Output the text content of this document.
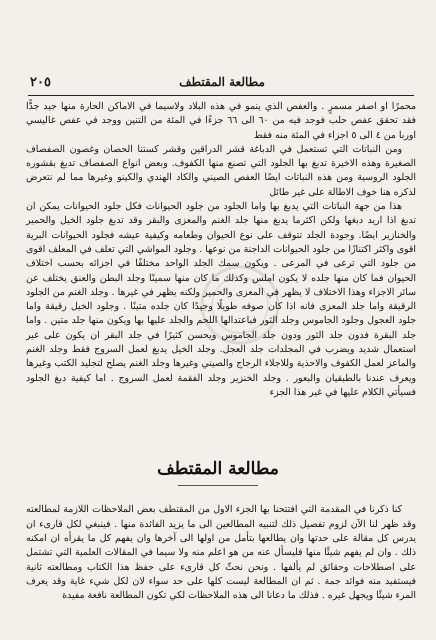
٢٠٥	مطالعة المقتطف

محمرًا او اصفر مسمرٍ . والعفص الذي ينمو في هذه البلاد ولاسيما في الاماكن الحارة منها جيد جدًّا فقد تحقق عفص حلب فوجد فيه من ٦٠ الى ٦٦ جزءًا في المئة من التنين ووجد في عفص غاليسي اوربا من ٤ الى ٥ اجزاء في المئة منه فقط

ومن النباتات التي تستعمل في الدباغة قشر الدراقين وقشر كستنا الحصان وغصون الصفصاف الصغيرة وهذه الاخيرة تدبغ بها الجلود التي تصنع منها الكفوف. وبعض انواع الصفصاف تدبغ بقشوره الجلود الروسية ومن هذه النباتات ايضًا العفص الصيني والكاد الهندي والكينو وغيرها مما لم نتعرض لذكره هنا خوف الاطالة على غير طائل

هذا من جهة النباتات التي يدبغ بها واما الجلود من جلود الحيوانات فكل جلود الحيوانات يمكن ان تدبغ اذا اريد دبغها ولكن اكثرما يدبغ منها جلد الغنم والمعزى والبقر وقد تدبغ جلود الخيل والحمير والخنازير ايضًا. وجودة الجلد تتوقف على نوع الحيوان وطعامه وكيفية عيشه فجلود الحيوانات البرية اقوى واكثر اكتنازًا من جلود الحيوانات الداجنة من نوعها . وجلود المواشي التي تعلف في المعلف اقوى من جلود التي ترعى في المرعى . ويكون سمك الجلد الواحد مختلفًا في اجزائه بحسب اختلاف الحيوان فما كان منها جلده لا يكون املس وكذلك ما كان منها سمينًا وجلد البطن والعنق يختلف عن سائر الاجزاء وهذا الاختلاف لا يظهر في المعزى والحمير ولكنه يظهر في غيرها . وجلد الغنم من الجلود الرقيقة واما جلد المعزى فانه اذا كان صوفه طويلًا وجيدًا كان جلده متينًا . وجلود الخيل رقيقة واما جلود العجول وجلود الجاموس وجلد الثور فباعتدالها اللحم والجلد عليها بها ويكون منها جلد متين . واما جلد البقرة فدون جلد الثور ودون جلد الجاموس ويحسن كثيرًا في جلد البقر ان يكون على غير استعمال شديد ويضرب في المجلدات جلد العجل. وجلد الخيل يدبغ لعمل السروج فقط وجلد الغنم والماعز لعمل الكفوف والاحذية وللاجلاء الرجاج والصيني وغيرها وجلد الغنم يصلح لتجليد الكتب وغيرها ويعرف عندنا بالطبقيان والبعور . وجلد الخنزير وجلد الفقمة لعمل السروج . اما كيفية دبغ الجلود فسيأتي الكلام عليها في غير هذا الجزء

مطالعة المقتطف

كنا ذكرنا في المقدمة التي افتتحنا بها الجزء الاول من المقتطف بعض الملاحظات اللازمة لمطالعته وقد ظهر لنا الآن لزوم تفصيل ذلك لتنبيه المطالعين الى ما يزيد الفائدة منها . فينبغي لكل قارىء ان يدرس كل مقالة على حدتها وان يطالعها بتأمل من اولها الى آخرها وان يفهم كل ما يقرأه ان امكنه ذلك . وان لم يفهم شيئًا منها فليسأل عنه من هو اعلم منه ولا سيما في المقالات العلمية التي تشتمل على اصطلاحات وحقائق لم يألفها . ونحن نحثّ كل قارىء على حفظ هذا الكتاب ومطالعته ثانية فيستفيد منه فوائد جمة . ثم ان المطالعة ليست كلها على حد سواء لان لكل شيء غاية وقد يعرف المرء شيئًا ويجهل غيره . فذلك ما دعانا الى هذه الملاحظات لكي تكون المطالعة نافعة مفيدة
